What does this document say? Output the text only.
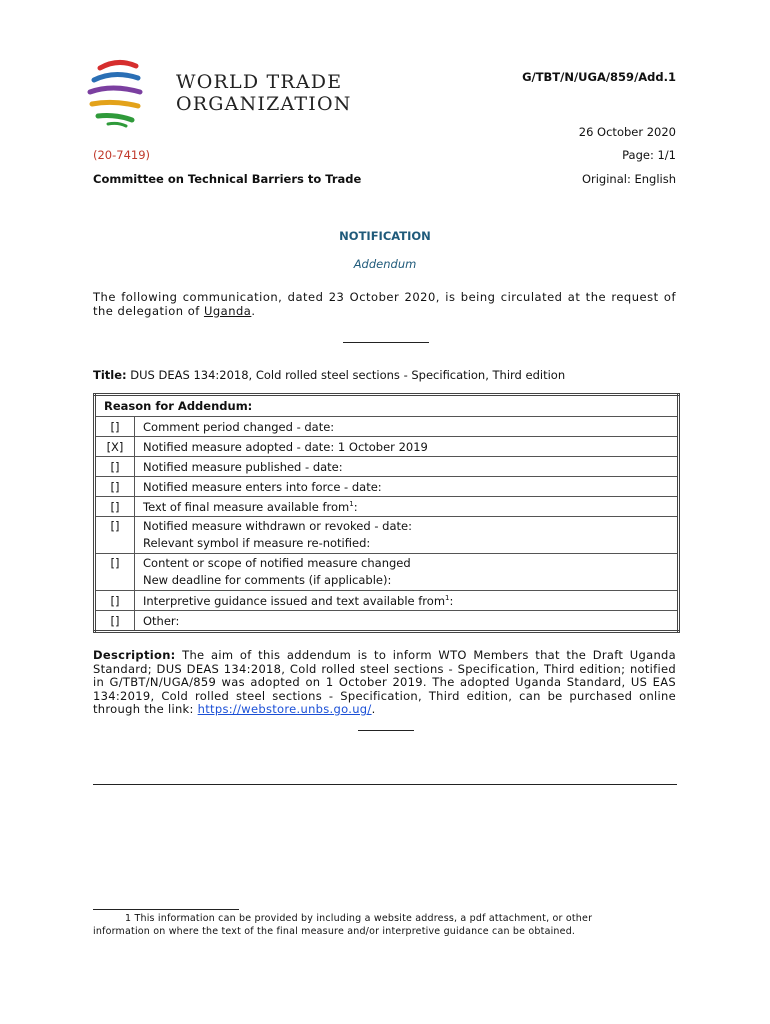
WORLD TRADE
ORGANIZATION
G/TBT/N/UGA/859/Add.1
26 October 2020
(20-7419)	Page: 1/1
Committee on Technical Barriers to Trade	Original: English
NOTIFICATION
Addendum
The following communication, dated 23 October 2020, is being circulated at the request of the delegation of Uganda.
Title: DUS DEAS 134:2018, Cold rolled steel sections - Specification, Third edition
Reason for Addendum:	
[]	Comment period changed - date:
[X]	Notified measure adopted - date: 1 October 2019
[]	Notified measure published - date:
[]	Notified measure enters into force - date:
[]	Text of final measure available from$^1$:
[]	Notified measure withdrawn or revoked - date:
Relevant symbol if measure re-notified:

[]	Content or scope of notified measure changed
New deadline for comments (if applicable):

[]	Interpretive guidance issued and text available from$^1$:
[]	Other:
Description: The aim of this addendum is to inform WTO Members that the Draft Uganda Standard; DUS DEAS 134:2018, Cold rolled steel sections - Specification, Third edition; notified in G/TBT/N/UGA/859 was adopted on 1 October 2019. The adopted Uganda Standard, US EAS 134:2019, Cold rolled steel sections - Specification, Third edition, can be purchased online through the link: https://webstore.unbs.go.ug/.
1 This information can be provided by including a website address, a pdf attachment, or other
information on where the text of the final measure and/or interpretive guidance can be obtained.
